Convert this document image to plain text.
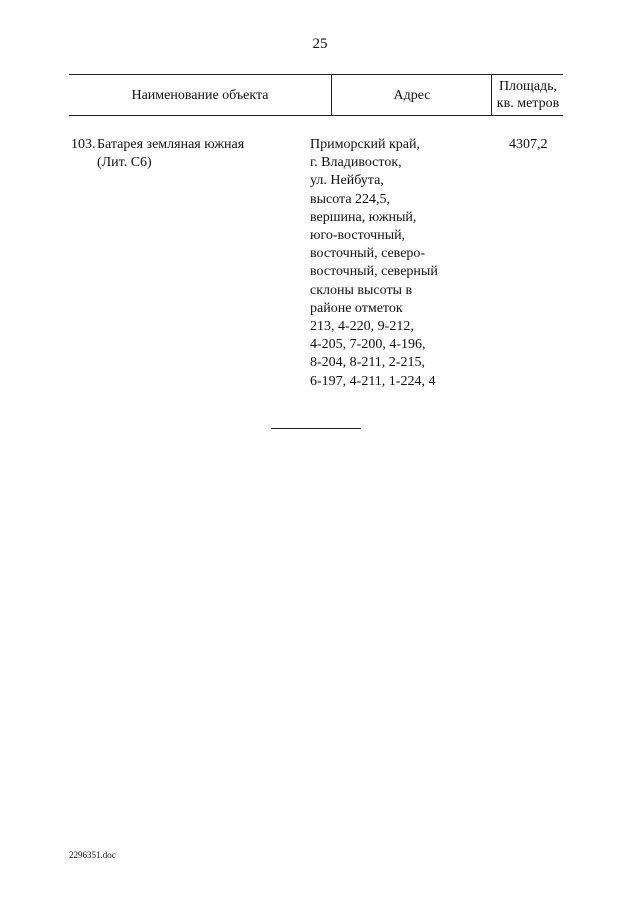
25
Наименование объекта	Адрес
Площадь,
кв. метров
103. Батарея земляная южная
(Лит. С6)
Приморский край,
г. Владивосток,
ул. Нейбута,
высота 224,5,
вершина, южный,
юго-восточный,
восточный, северо-
восточный, северный
склоны высоты в
районе отметок
213, 4-220, 9-212,
4-205, 7-200, 4-196,
8-204, 8-211, 2-215,
6-197, 4-211, 1-224, 4
4307,2
2296351.doc
